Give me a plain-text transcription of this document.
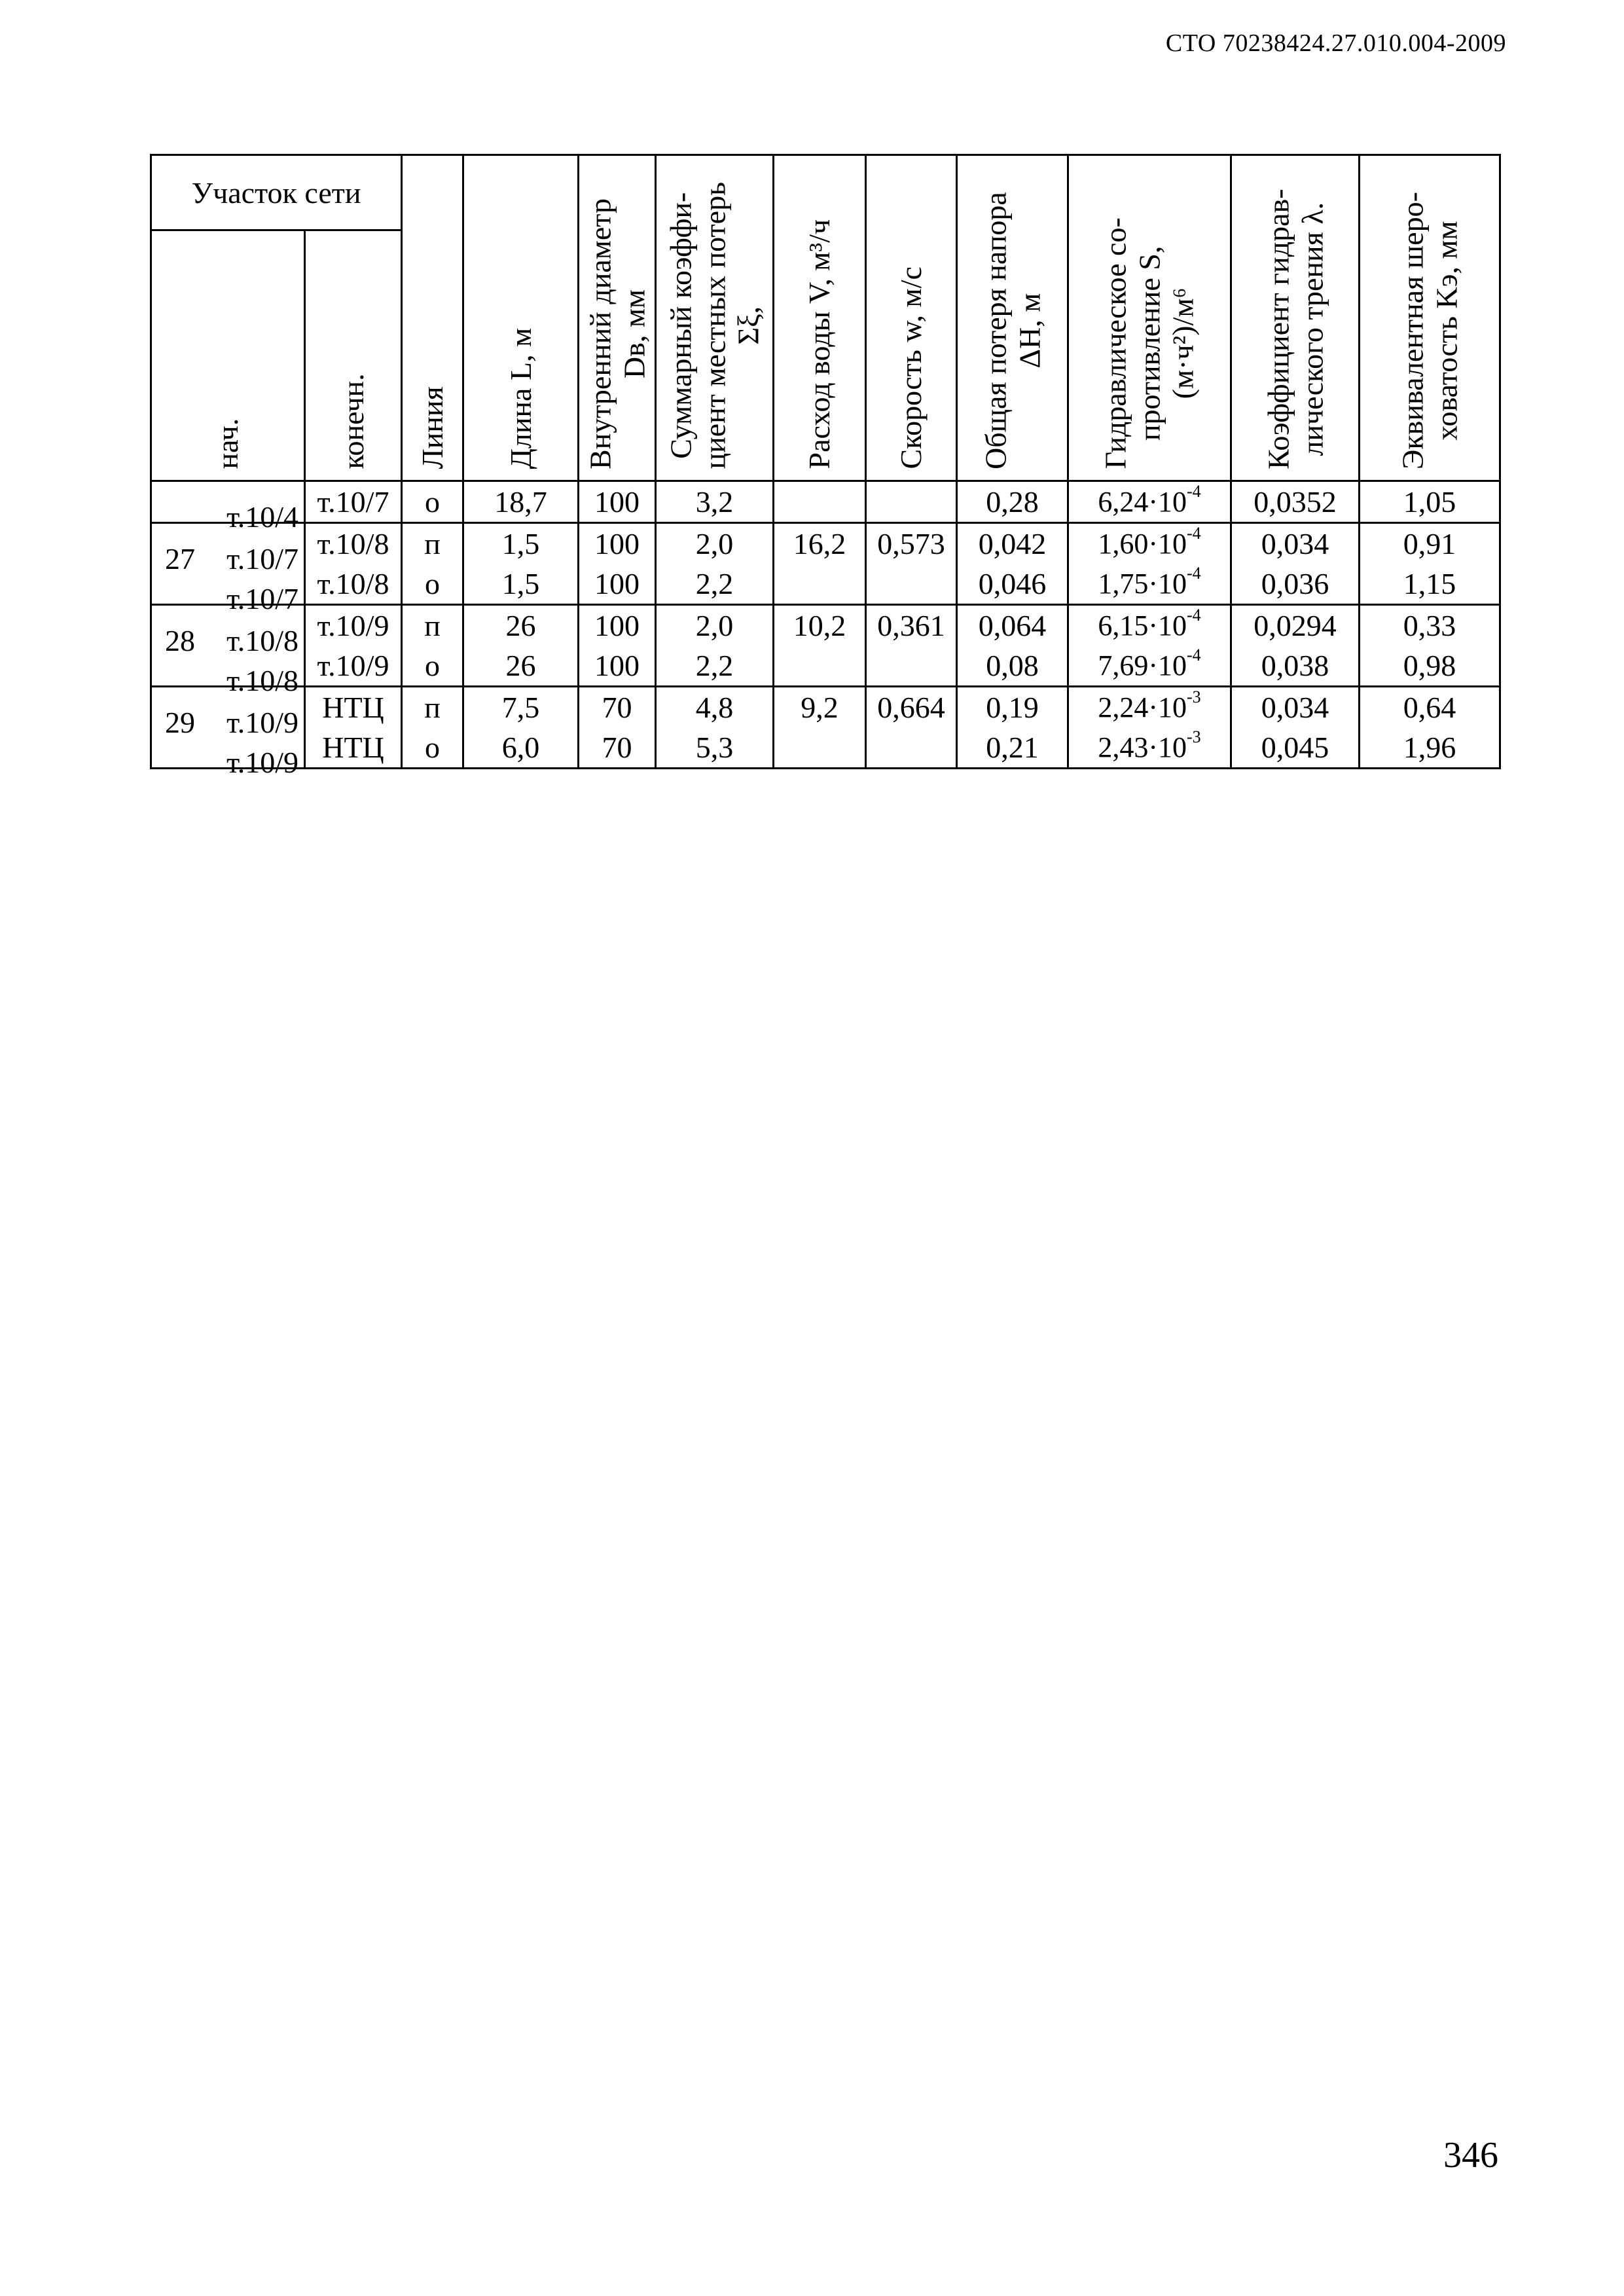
СТО 70238424.27.010.004-2009
Участок сети		Линия	Длина L, м	Внутренний диаметр
Dв, мм	Суммарный коэффи-
циент местных потерь
Σξ,	Расход воды V, м³/ч	Скорость w, м/с	Общая потеря напора
ΔH, м	Гидравлическое со-
противление S,
(м·ч²)/м⁶	Коэффициент гидрав-
лического трения λ.	Эквивалентная шеро-
ховатость Kэ, мм

нач.	конечн.										

т.10/4	т.10/7	о	18,7	100	3,2			0,28	$6,24\cdot 10^{-4}$	0,0352	1,05

27 т.10/7	т.10/8	п	1,5	100	2,0	16,2	0,573	0,042	$1,60\cdot 10^{-4}$	0,034	0,91

т.10/7	т.10/8	о	1,5	100	2,2			0,046	$1,75\cdot 10^{-4}$	0,036	1,15

28 т.10/8	т.10/9	п	26	100	2,0	10,2	0,361	0,064	$6,15\cdot 10^{-4}$	0,0294	0,33

т.10/8	т.10/9	о	26	100	2,2			0,08	$7,69\cdot 10^{-4}$	0,038	0,98

29 т.10/9	НТЦ	п	7,5	70	4,8	9,2	0,664	0,19	$2,24\cdot 10^{-3}$	0,034	0,64

т.10/9	НТЦ	о	6,0	70	5,3			0,21	$2,43\cdot 10^{-3}$	0,045	1,96
346
